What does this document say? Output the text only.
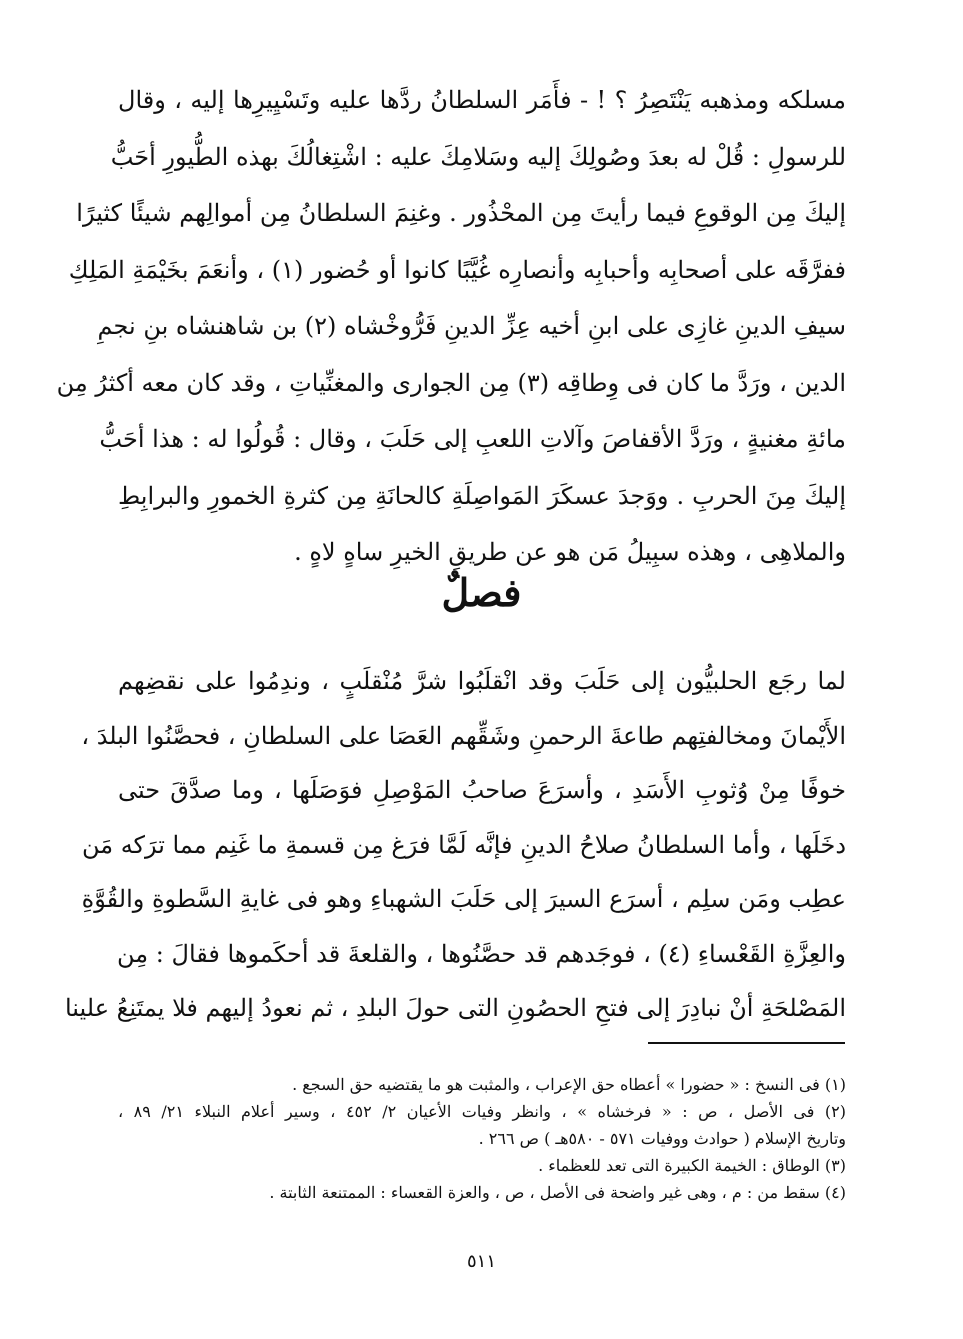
مسلكه ومذهبه يَنْتَصِرُ ؟ ! - فأَمَر السلطانُ ردَّها عليه وتَسْيِيرِها إليه ، وقال
للرسولِ : قُلْ له بعدَ وصُولِكَ إليه وسَلامِكَ عليه : اشْتِغالُكَ بهذه الطُّيورِ أحَبُّ
إليكَ مِن الوقوعِ فيما رأيتَ مِن المحْذُور . وغنِمَ السلطانُ مِن أموالِهم شيئًا كثيرًا
ففرَّقَه على أصحابِه وأحبابِه وأنصارِه غُيَّبًا كانوا أو حُضور (١) ، وأنعَمَ بخَيْمَةِ المَلِكِ
سيفِ الدينِ غازِى على ابنِ أخيه عِزِّ الدينِ فَرُّوخْشاه (٢) بن شاهنشاه بنِ نجمِ
الدين ، ورَدَّ ما كان فى وِطاقِه (٣) مِن الجوارى والمغنِّياتِ ، وقد كان معه أكثرُ مِن
مائةِ مغنيةٍ ، ورَدَّ الأقفاصَ وآلاتِ اللعبِ إلى حَلَبَ ، وقال : قُولُوا له : هذا أحَبُّ
إليكَ مِنَ الحربِ . ووَجدَ عسكَرَ المَواصِلَةِ كالحانَةِ مِن كثرةِ الخمورِ والبرابِطِ
والملاهِى ، وهذه سبِيلُ مَن هو عن طريقِ الخيرِ ساهٍ لاهٍ .
فصلٌ
لما رجَع الحلبيُّون إلى حَلَبَ وقد انْقلَبُوا شرَّ مُنْقلَبٍ ، وندِمُوا على نقضِهم
الأَيْمانَ ومخالفتِهم طاعةَ الرحمنِ وشَقِّهم العَصَا على السلطانِ ، فحصَّنُوا البلدَ ،
خوفًا مِنْ وُثوبِ الأَسَدِ ، وأسرَعَ صاحبُ المَوْصِلِ فوَصَلَها ، وما صدَّقَ حتى
دخَلَها ، وأما السلطانُ صلاحُ الدينِ فإنَّه لَمَّا فرَغ مِن قسمةِ ما غَنِم مما ترَكه مَن
عطِب ومَن سلِم ، أسرَع السيرَ إلى حَلَبَ الشهباءِ وهو فى غايةِ السَّطوةِ والقُوَّةِ
والعِزَّةِ القَعْساءِ (٤) ، فوجَدهم قد حصَّنُوها ، والقلعةَ قد أحكَموها فقالَ : مِن
المَصْلحَةِ أنْ نبادِرَ إلى فتحِ الحصُونِ التى حولَ البلدِ ، ثم نعودُ إليهم فلا يمتَنِعُ علينا
(١) فى النسخ : « حضورا » أعطاه حق الإعراب ، والمثبت هو ما يقتضيه حق السجع .
(٢) فى الأصل ، ص : « فرخشاه » ، وانظر وفيات الأعيان ٢/ ٤٥٢ ، وسير أعلام النبلاء ٢١/ ٨٩ ،
وتاريخ الإسلام ( حوادث ووفيات ٥٧١ - ٥٨٠هـ ) ص ٢٦٦ .
(٣) الوطاق : الخيمة الكبيرة التى تعد للعظماء .
(٤) سقط من : م ، وهى غير واضحة فى الأصل ، ص ، والعزة القعساء : الممتنعة الثابتة .
٥١١
